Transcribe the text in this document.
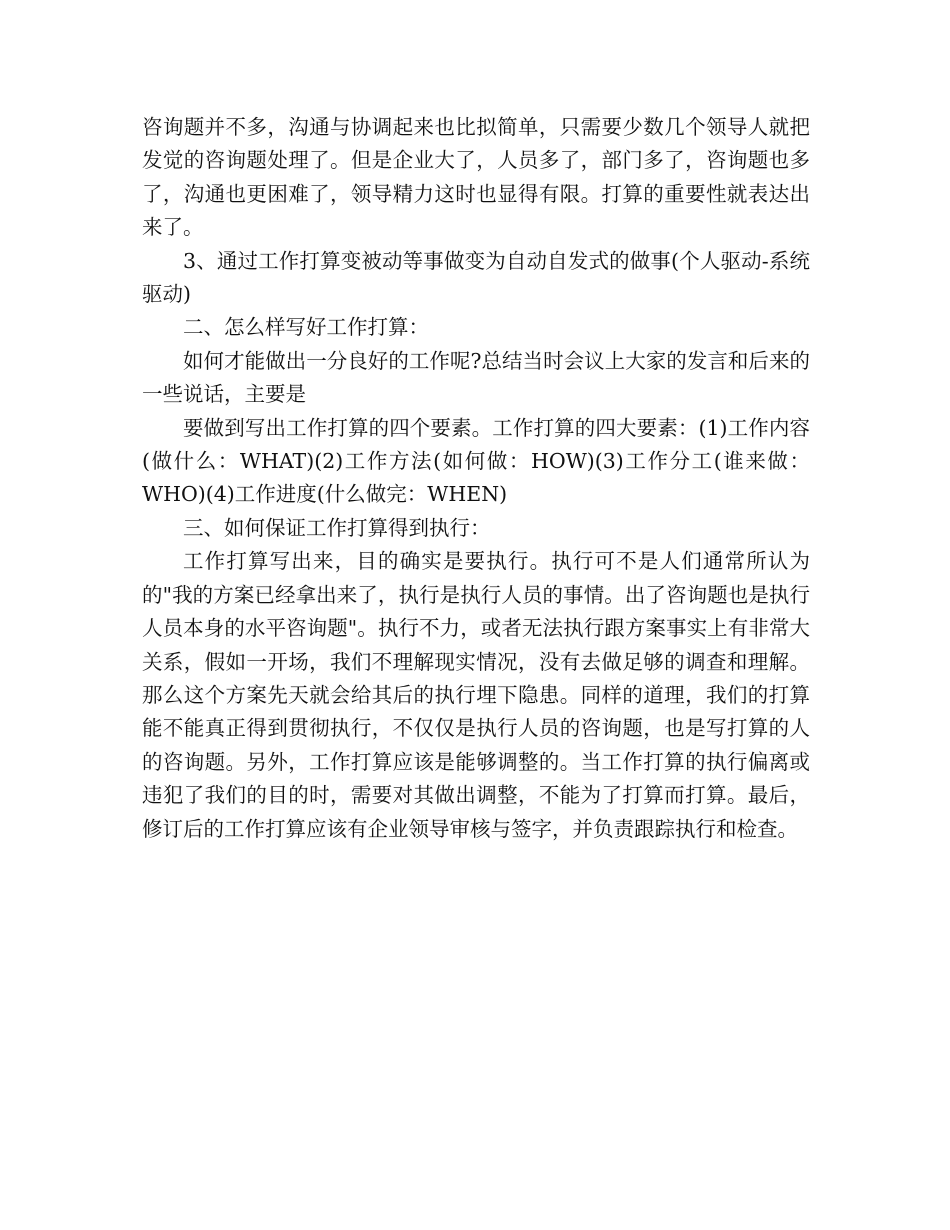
咨询题并不多，沟通与协调起来也比拟简单，只需要少数几个领导人就把发觉的咨询题处理了。但是企业大了，人员多了，部门多了，咨询题也多了，沟通也更困难了，领导精力这时也显得有限。打算的重要性就表达出来了。

3、通过工作打算变被动等事做变为自动自发式的做事(个人驱动-系统驱动)

二、怎么样写好工作打算：

如何才能做出一分良好的工作呢?总结当时会议上大家的发言和后来的一些说话，主要是

要做到写出工作打算的四个要素。工作打算的四大要素：(1)工作内容(做什么：WHAT)(2)工作方法(如何做：HOW)(3)工作分工(谁来做：WHO)(4)工作进度(什么做完：WHEN)

三、如何保证工作打算得到执行：

工作打算写出来，目的确实是要执行。执行可不是人们通常所认为的"我的方案已经拿出来了，执行是执行人员的事情。出了咨询题也是执行人员本身的水平咨询题"。执行不力，或者无法执行跟方案事实上有非常大关系，假如一开场，我们不理解现实情况，没有去做足够的调查和理解。那么这个方案先天就会给其后的执行埋下隐患。同样的道理，我们的打算能不能真正得到贯彻执行，不仅仅是执行人员的咨询题，也是写打算的人的咨询题。另外，工作打算应该是能够调整的。当工作打算的执行偏离或违犯了我们的目的时，需要对其做出调整，不能为了打算而打算。最后，修订后的工作打算应该有企业领导审核与签字，并负责跟踪执行和检查。
